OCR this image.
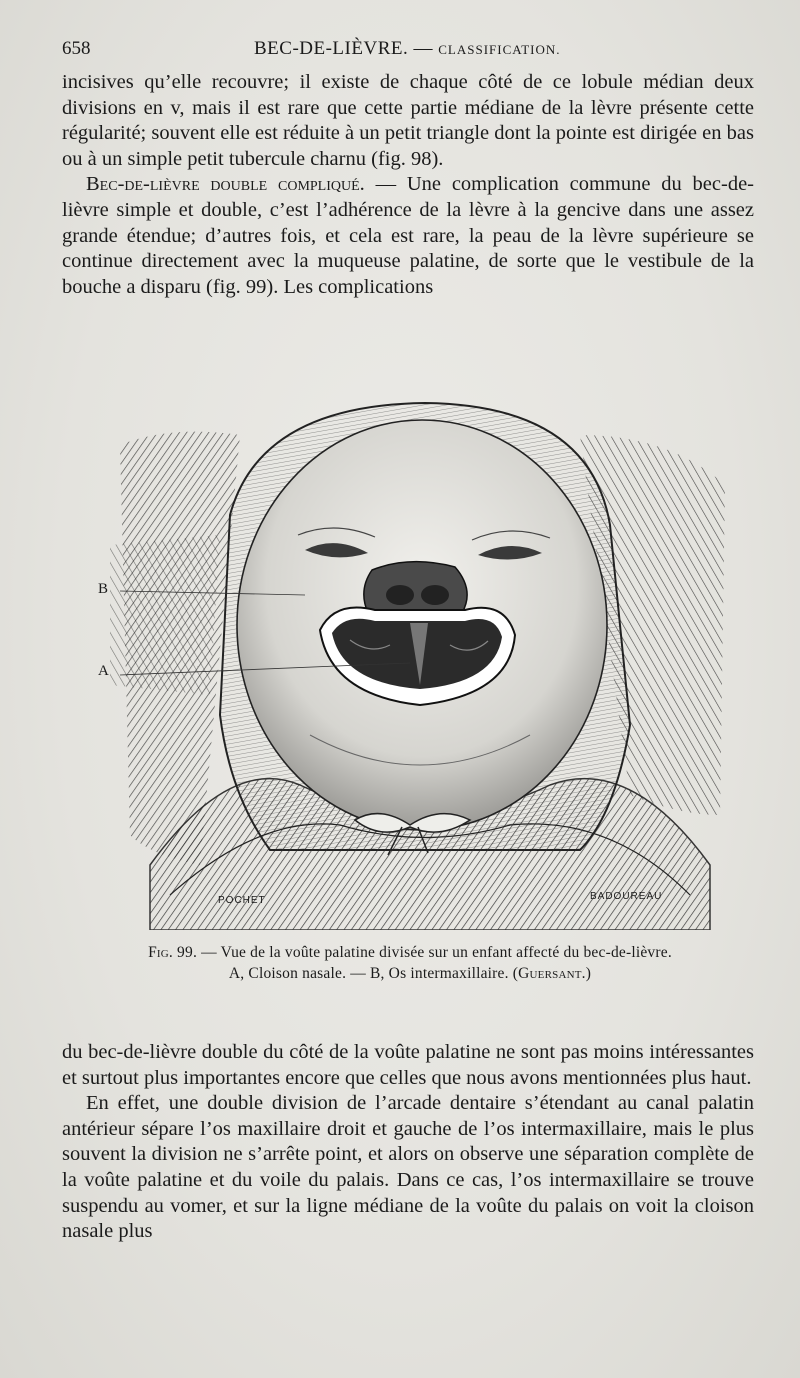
658	BEC-DE-LIÈVRE. — CLASSIFICATION.

incisives qu’elle recouvre; il existe de chaque côté de ce lobule médian deux divisions en v, mais il est rare que cette partie médiane de la lèvre présente cette régularité; souvent elle est réduite à un petit triangle dont la pointe est dirigée en bas ou à un simple petit tubercule charnu (fig. 98).

Bec-de-lièvre double compliqué. — Une complication commune du bec-de-lièvre simple et double, c’est l’adhérence de la lèvre à la gencive dans une assez grande étendue; d’autres fois, et cela est rare, la peau de la lèvre supérieure se continue directement avec la muqueuse palatine, de sorte que le vestibule de la bouche a disparu (fig. 99). Les complications

B
A
POCHET	BADOUREAU
Fig. 99. — Vue de la voûte palatine divisée sur un enfant affecté du bec-de-lièvre.
A, Cloison nasale. — B, Os intermaxillaire. (Guersant.)

du bec-de-lièvre double du côté de la voûte palatine ne sont pas moins intéressantes et surtout plus importantes encore que celles que nous avons mentionnées plus haut.

En effet, une double division de l’arcade dentaire s’étendant au canal palatin antérieur sépare l’os maxillaire droit et gauche de l’os intermaxillaire, mais le plus souvent la division ne s’arrête point, et alors on observe une séparation complète de la voûte palatine et du voile du palais. Dans ce cas, l’os intermaxillaire se trouve suspendu au vomer, et sur la ligne médiane de la voûte du palais on voit la cloison nasale plus
